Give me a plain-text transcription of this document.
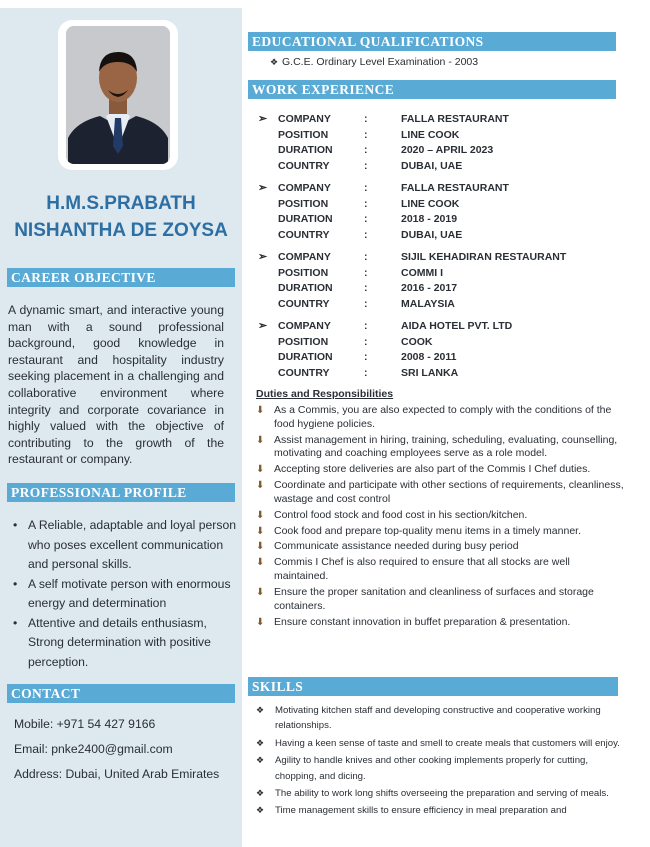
H.M.S.PRABATH
NISHANTHA DE ZOYSA
CAREER OBJECTIVE
A dynamic smart, and interactive young man with a sound professional background, good knowledge in restaurant and hospitality industry seeking placement in a challenging and collaborative environment where integrity and corporate covariance in highly valued with the objective of contributing to the growth of the restaurant or company.
PROFESSIONAL PROFILE
• A Reliable, adaptable and loyal person who poses excellent communication and personal skills.
• A self motivate person with enormous energy and determination
• Attentive and details enthusiasm, Strong determination with positive perception.
CONTACT
Mobile: +971 54 427 9166
Email: pnke2400@gmail.com
Address: Dubai, United Arab Emirates
EDUCATIONAL QUALIFICATIONS
❖ G.C.E. Ordinary Level Examination - 2003
WORK EXPERIENCE
➢ COMPANY	:	FALLA RESTAURANT
POSITION	:	LINE COOK
DURATION	:	2020 – APRIL 2023
COUNTRY	:	DUBAI, UAE
➢ COMPANY	:	FALLA RESTAURANT
POSITION	:	LINE COOK
DURATION	:	2018 - 2019
COUNTRY	:	DUBAI, UAE
➢ COMPANY	:	SIJIL KEHADIRAN RESTAURANT
POSITION	:	COMMI I
DURATION	:	2016 - 2017
COUNTRY	:	MALAYSIA
➢ COMPANY	:	AIDA HOTEL PVT. LTD
POSITION	:	COOK
DURATION	:	2008 - 2011
COUNTRY	:	SRI LANKA
Duties and Responsibilities
⬇ As a Commis, you are also expected to comply with the conditions of the food hygiene policies.
⬇ Assist management in hiring, training, scheduling, evaluating, counselling, motivating and coaching employees serve as a role model.
⬇ Accepting store deliveries are also part of the Commis I Chef duties.
⬇ Coordinate and participate with other sections of requirements, cleanliness, wastage and cost control
⬇ Control food stock and food cost in his section/kitchen.
⬇ Cook food and prepare top-quality menu items in a timely manner.
⬇ Communicate assistance needed during busy period
⬇ Commis I Chef is also required to ensure that all stocks are well maintained.
⬇ Ensure the proper sanitation and cleanliness of surfaces and storage containers.
⬇ Ensure constant innovation in buffet preparation & presentation.
SKILLS
❖ Motivating kitchen staff and developing constructive and cooperative working relationships.
❖ Having a keen sense of taste and smell to create meals that customers will enjoy.
❖ Agility to handle knives and other cooking implements properly for cutting, chopping, and dicing.
❖ The ability to work long shifts overseeing the preparation and serving of meals.
❖ Time management skills to ensure efficiency in meal preparation and
